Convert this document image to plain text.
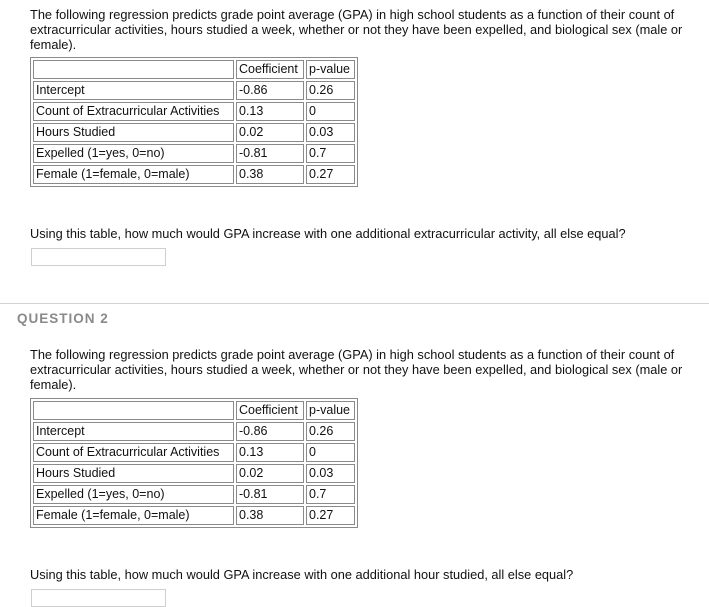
The following regression predicts grade point average (GPA) in high school students as a function of their count of extracurricular activities, hours studied a week, whether or not they have been expelled, and biological sex (male or female).

	Coefficient	p-value
Intercept	-0.86	0.26
Count of Extracurricular Activities	0.13	0
Hours Studied	0.02	0.03
Expelled (1=yes, 0=no)	-0.81	0.7
Female (1=female, 0=male)	0.38	0.27

Using this table, how much would GPA increase with one additional extracurricular activity, all else equal?

QUESTION 2

The following regression predicts grade point average (GPA) in high school students as a function of their count of extracurricular activities, hours studied a week, whether or not they have been expelled, and biological sex (male or female).

	Coefficient	p-value
Intercept	-0.86	0.26
Count of Extracurricular Activities	0.13	0
Hours Studied	0.02	0.03
Expelled (1=yes, 0=no)	-0.81	0.7
Female (1=female, 0=male)	0.38	0.27

Using this table, how much would GPA increase with one additional hour studied, all else equal?
